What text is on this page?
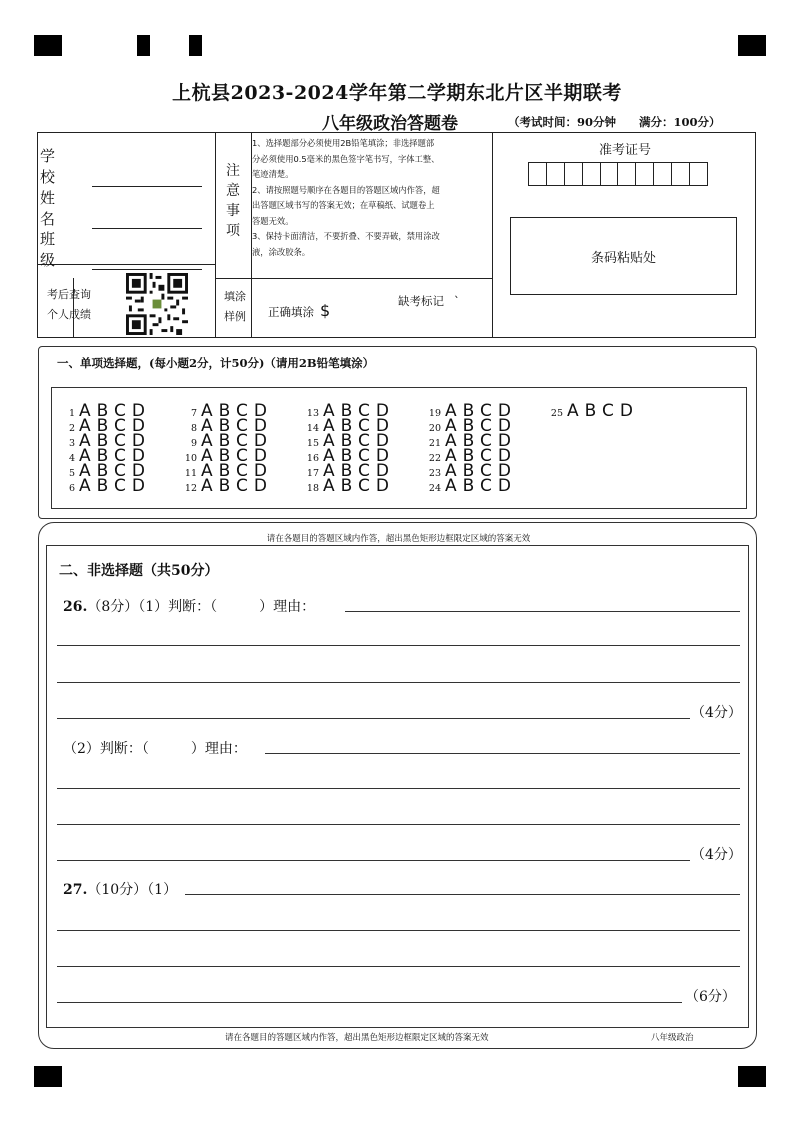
上杭县2023-2024学年第二学期东北片区半期联考
八年级政治答题卷	（考试时间：90分钟　　满分：100分）
学校
姓名
班级
注
意
事
项
1、选择题部分必须使用2B铅笔填涂；非选择题部
分必须使用0.5毫米的黑色签字笔书写，字体工整、
笔迹清楚。
2、请按照题号顺序在各题目的答题区域内作答，超
出答题区域书写的答案无效；在草稿纸、试题卷上
答题无效。
3、保持卡面清洁，不要折叠、不要弄破，禁用涂改
液，涂改胶条。
准考证号
条码粘贴处
考后查询
个人成绩
填涂
样例	正确填涂 $	缺考标记 `
一、单项选择题，(每小题2分，计50分)（请用2B铅笔填涂）
1 ABCD
2 ABCD
3 ABCD
4 ABCD
5 ABCD
6 ABCD
7 ABCD
8 ABCD
9 ABCD
10 ABCD
11 ABCD
12 ABCD
13 ABCD
14 ABCD
15 ABCD
16 ABCD
17 ABCD
18 ABCD
19 ABCD
20 ABCD
21 ABCD
22 ABCD
23 ABCD
24 ABCD
25 ABCD
请在各题目的答题区域内作答，超出黑色矩形边框限定区域的答案无效
二、非选择题（共50分）
26.（8分）（1）判断：（　　　）理由：
（4分）
（2）判断：（　　　）理由：
（4分）
27.（10分）（1）
（6分）
请在各题目的答题区域内作答，超出黑色矩形边框限定区域的答案无效	八年级政治
